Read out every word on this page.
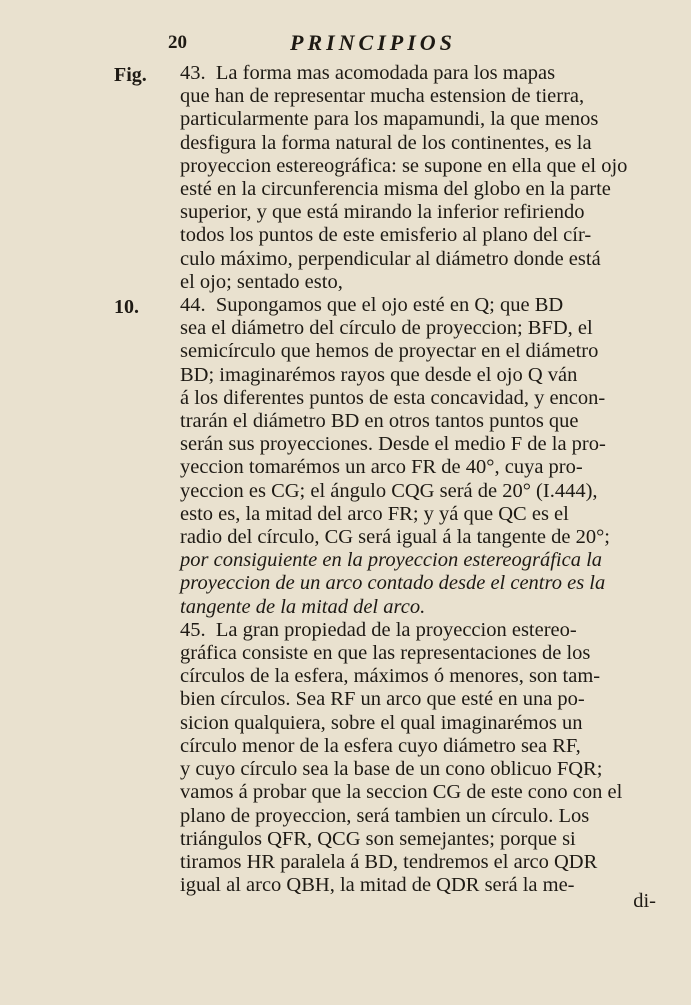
20	PRINCIPIOS
Fig.
10.

43. La forma mas acomodada para los mapas
que han de representar mucha estension de tierra,
particularmente para los mapamundi, la que menos
desfigura la forma natural de los continentes, es la
proyeccion estereográfica: se supone en ella que el ojo
esté en la circunferencia misma del globo en la parte
superior, y que está mirando la inferior refiriendo
todos los puntos de este emisferio al plano del cír-
culo máximo, perpendicular al diámetro donde está
el ojo; sentado esto,

44. Supongamos que el ojo esté en Q; que BD
sea el diámetro del círculo de proyeccion; BFD, el
semicírculo que hemos de proyectar en el diámetro
BD; imaginarémos rayos que desde el ojo Q ván
á los diferentes puntos de esta concavidad, y encon-
trarán el diámetro BD en otros tantos puntos que
serán sus proyecciones. Desde el medio F de la pro-
yeccion tomarémos un arco FR de 40°, cuya pro-
yeccion es CG; el ángulo CQG será de 20° (I.444),
esto es, la mitad del arco FR; y yá que QC es el
radio del círculo, CG será igual á la tangente de 20°;
por consiguiente en la proyeccion estereográfica la
proyeccion de un arco contado desde el centro es la
tangente de la mitad del arco.

45. La gran propiedad de la proyeccion estereo-
gráfica consiste en que las representaciones de los
círculos de la esfera, máximos ó menores, son tam-
bien círculos. Sea RF un arco que esté en una po-
sicion qualquiera, sobre el qual imaginarémos un
círculo menor de la esfera cuyo diámetro sea RF,
y cuyo círculo sea la base de un cono oblicuo FQR;
vamos á probar que la seccion CG de este cono con el
plano de proyeccion, será tambien un círculo. Los
triángulos QFR, QCG son semejantes; porque si
tiramos HR paralela á BD, tendremos el arco QDR
igual al arco QBH, la mitad de QDR será la me-

di-
